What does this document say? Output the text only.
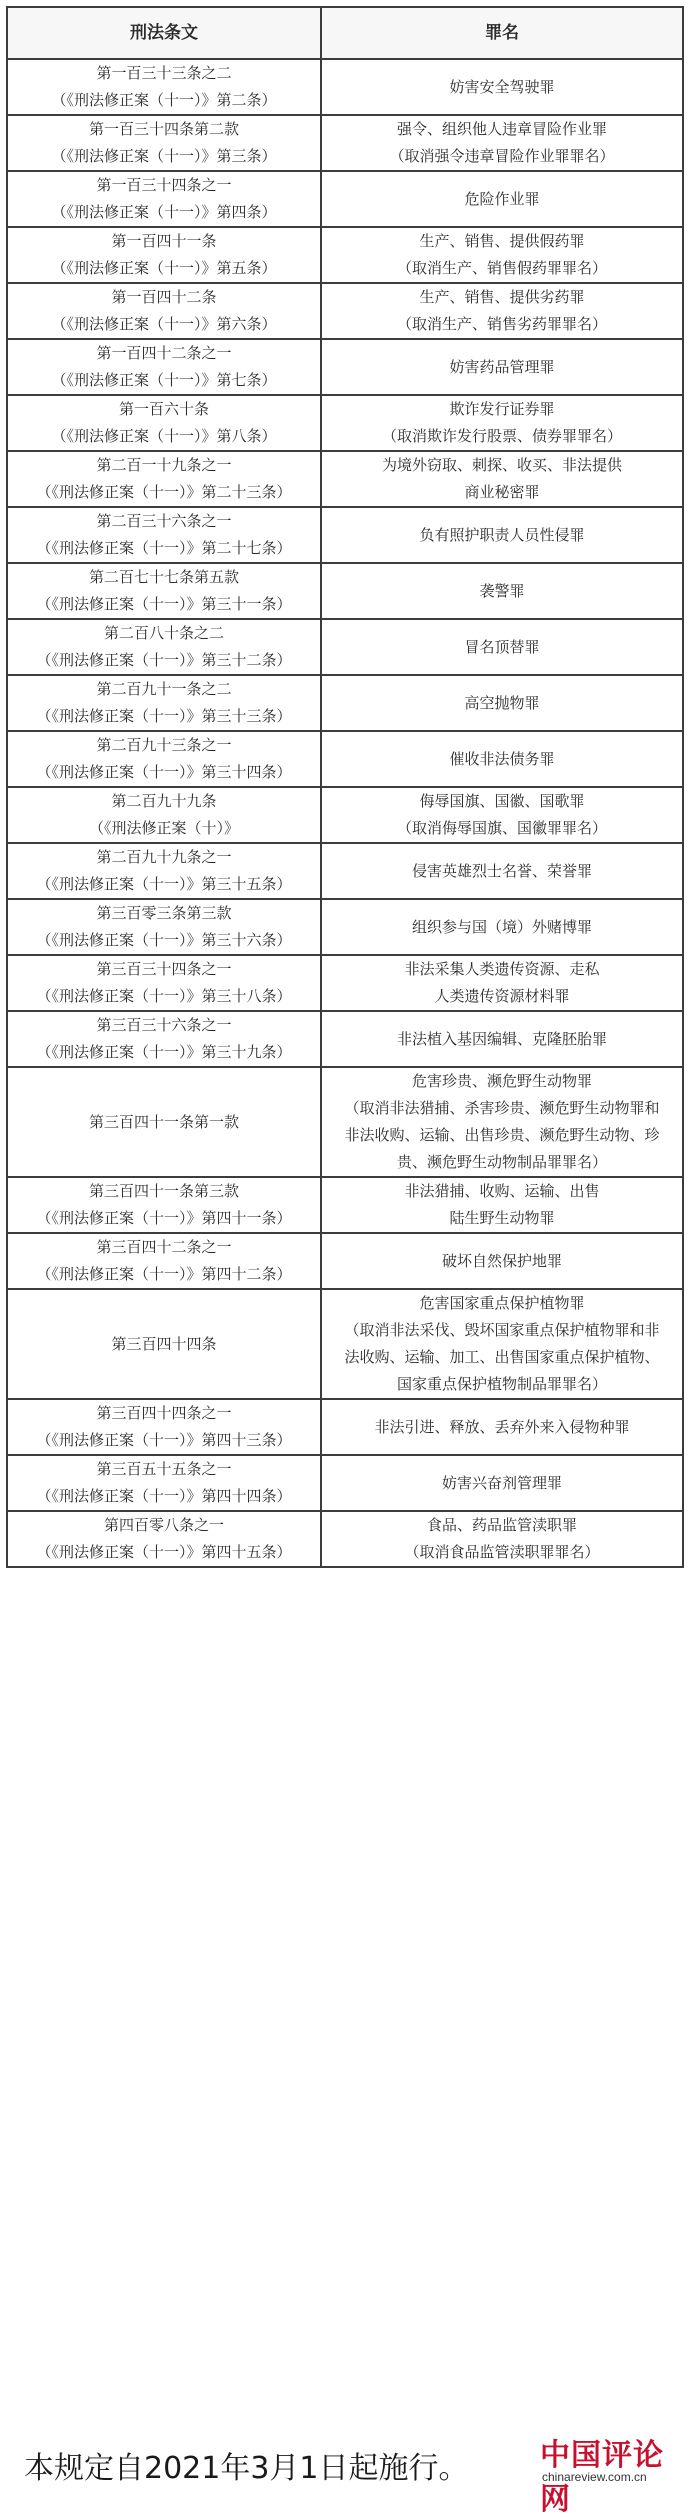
刑法条文	罪名

第一百三十三条之二
（《刑法修正案（十一）》第二条）	妨害安全驾驶罪

第一百三十四条第二款
（《刑法修正案（十一）》第三条）	强令、组织他人违章冒险作业罪
（取消强令违章冒险作业罪罪名）

第一百三十四条之一
（《刑法修正案（十一）》第四条）	危险作业罪

第一百四十一条
（《刑法修正案（十一）》第五条）	生产、销售、提供假药罪
（取消生产、销售假药罪罪名）

第一百四十二条
（《刑法修正案（十一）》第六条）	生产、销售、提供劣药罪
（取消生产、销售劣药罪罪名）

第一百四十二条之一
（《刑法修正案（十一）》第七条）	妨害药品管理罪

第一百六十条
（《刑法修正案（十一）》第八条）	欺诈发行证券罪
（取消欺诈发行股票、债券罪罪名）

第二百一十九条之一
（《刑法修正案（十一）》第二十三条）	为境外窃取、刺探、收买、非法提供
商业秘密罪

第二百三十六条之一
（《刑法修正案（十一）》第二十七条）	负有照护职责人员性侵罪

第二百七十七条第五款
（《刑法修正案（十一）》第三十一条）	袭警罪

第二百八十条之二
（《刑法修正案（十一）》第三十二条）	冒名顶替罪

第二百九十一条之二
（《刑法修正案（十一）》第三十三条）	高空抛物罪

第二百九十三条之一
（《刑法修正案（十一）》第三十四条）	催收非法债务罪

第二百九十九条
（《刑法修正案（十）》	侮辱国旗、国徽、国歌罪
（取消侮辱国旗、国徽罪罪名）

第二百九十九条之一
（《刑法修正案（十一）》第三十五条）	侵害英雄烈士名誉、荣誉罪

第三百零三条第三款
（《刑法修正案（十一）》第三十六条）	组织参与国（境）外赌博罪

第三百三十四条之一
（《刑法修正案（十一）》第三十八条）	非法采集人类遗传资源、走私
人类遗传资源材料罪

第三百三十六条之一
（《刑法修正案（十一）》第三十九条）	非法植入基因编辑、克隆胚胎罪

第三百四十一条第一款	危害珍贵、濒危野生动物罪
（取消非法猎捕、杀害珍贵、濒危野生动物罪和
非法收购、运输、出售珍贵、濒危野生动物、珍
贵、濒危野生动物制品罪罪名）

第三百四十一条第三款
（《刑法修正案（十一）》第四十一条）	非法猎捕、收购、运输、出售
陆生野生动物罪

第三百四十二条之一
（《刑法修正案（十一）》第四十二条）	破坏自然保护地罪

第三百四十四条	危害国家重点保护植物罪
（取消非法采伐、毁坏国家重点保护植物罪和非
法收购、运输、加工、出售国家重点保护植物、
国家重点保护植物制品罪罪名）

第三百四十四条之一
（《刑法修正案（十一）》第四十三条）	非法引进、释放、丢弃外来入侵物种罪

第三百五十五条之一
（《刑法修正案（十一）》第四十四条）	妨害兴奋剂管理罪

第四百零八条之一
（《刑法修正案（十一）》第四十五条）	食品、药品监管渎职罪
（取消食品监管渎职罪罪名）
本规定自2021年3月1日起施行。 中国评论网
chinareview.com.cn
